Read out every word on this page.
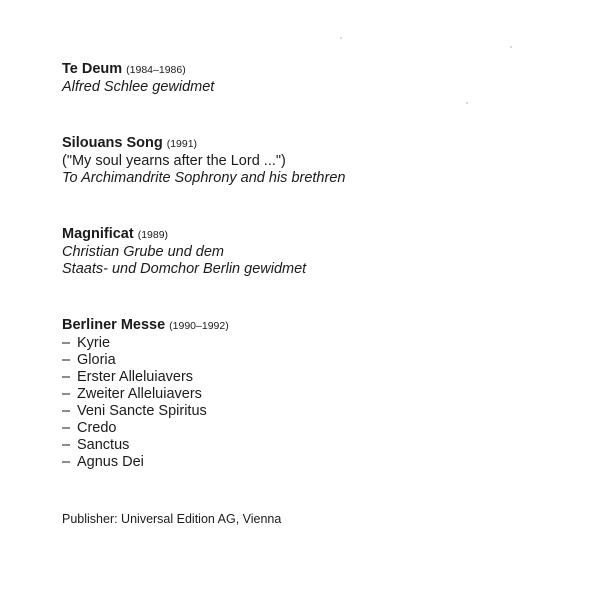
Te Deum (1984–1986)
Alfred Schlee gewidmet
Silouans Song (1991)
("My soul yearns after the Lord ...")
To Archimandrite Sophrony and his brethren
Magnificat (1989)
Christian Grube und dem
Staats- und Domchor Berlin gewidmet
Berliner Messe (1990–1992)
– Kyrie
– Gloria
– Erster Alleluiavers
– Zweiter Alleluiavers
– Veni Sancte Spiritus
– Credo
– Sanctus
– Agnus Dei
Publisher: Universal Edition AG, Vienna
